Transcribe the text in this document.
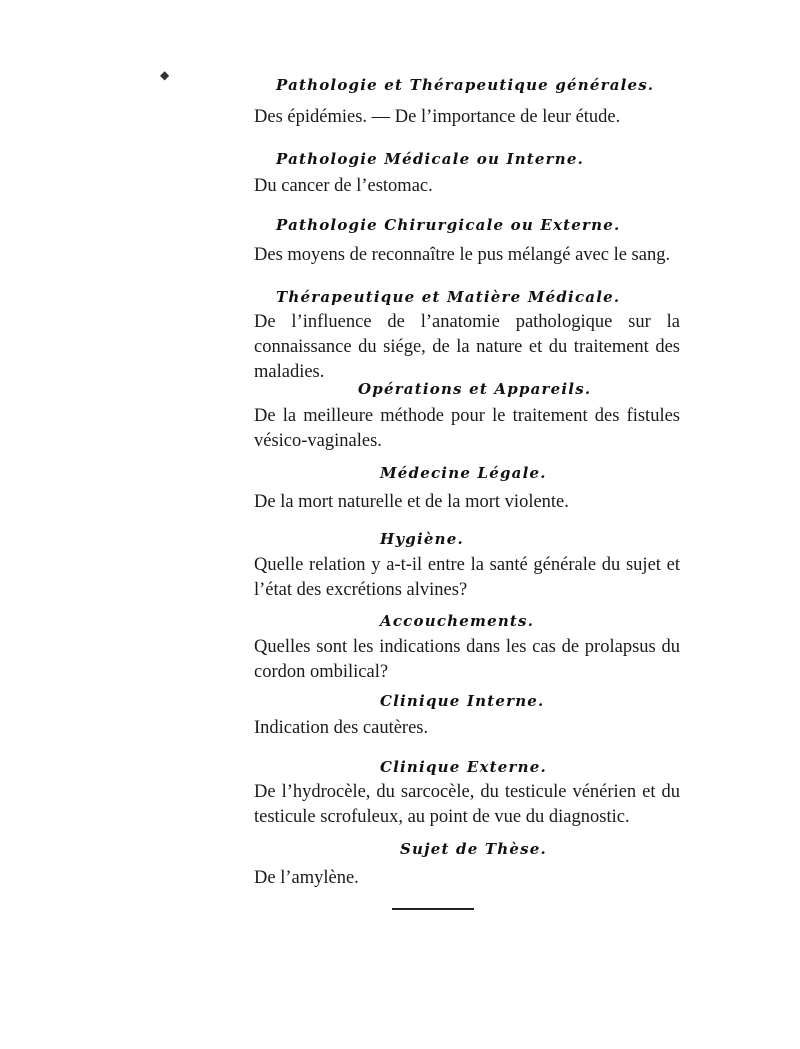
◆
Pathologie et Thérapeutique générales.
Des épidémies. — De l’importance de leur étude.
Pathologie Médicale ou Interne.
Du cancer de l’estomac.
Pathologie Chirurgicale ou Externe.
Des moyens de reconnaître le pus mélangé avec le sang.
Thérapeutique et Matière Médicale.
De l’influence de l’anatomie pathologique sur la connaissance du siége, de la nature et du traitement des maladies.
Opérations et Appareils.
De la meilleure méthode pour le traitement des fistules vésico-vaginales.
Médecine Légale.
De la mort naturelle et de la mort violente.
Hygiène.
Quelle relation y a-t-il entre la santé générale du sujet et l’état des excrétions alvines?
Accouchements.
Quelles sont les indications dans les cas de prolapsus du cordon ombilical?
Clinique Interne.
Indication des cautères.
Clinique Externe.
De l’hydrocèle, du sarcocèle, du testicule vénérien et du testicule scrofuleux, au point de vue du diagnostic.
Sujet de Thèse.
De l’amylène.
